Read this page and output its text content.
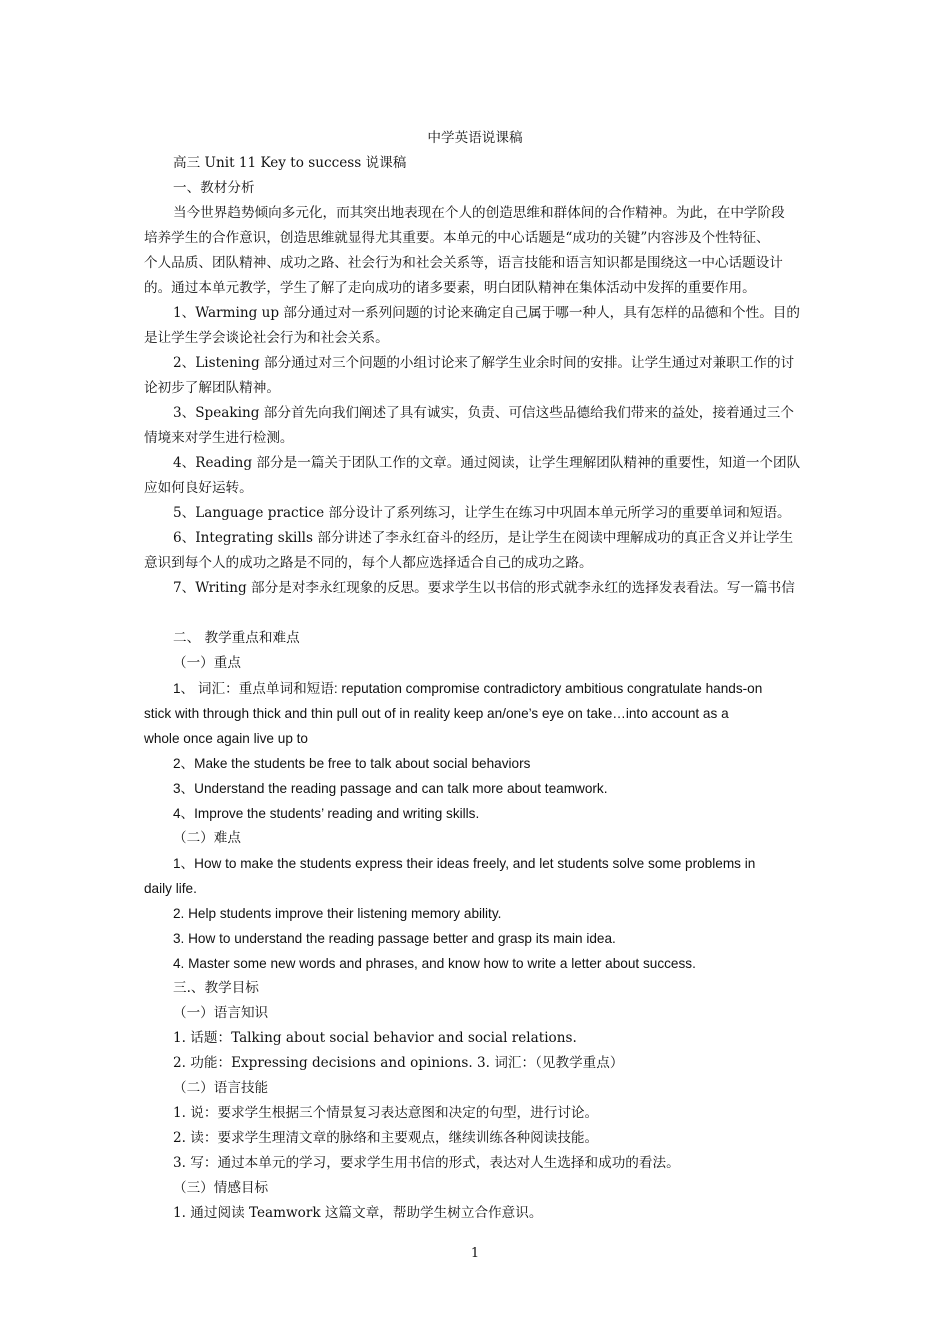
中学英语说课稿

高三 Unit 11 Key to success 说课稿

一、教材分析

当今世界趋势倾向多元化，而其突出地表现在个人的创造思维和群体间的合作精神。为此，在中学阶段

培养学生的合作意识，创造思维就显得尤其重要。本单元的中心话题是“成功的关键”内容涉及个性特征、

个人品质、团队精神、成功之路、社会行为和社会关系等，语言技能和语言知识都是围绕这一中心话题设计

的。通过本单元教学，学生了解了走向成功的诸多要素，明白团队精神在集体活动中发挥的重要作用。

1、Warming up 部分通过对一系列问题的讨论来确定自己属于哪一种人，具有怎样的品德和个性。目的

是让学生学会谈论社会行为和社会关系。

2、Listening 部分通过对三个问题的小组讨论来了解学生业余时间的安排。让学生通过对兼职工作的讨

论初步了解团队精神。

3、Speaking 部分首先向我们阐述了具有诚实，负责、可信这些品德给我们带来的益处，接着通过三个

情境来对学生进行检测。

4、Reading 部分是一篇关于团队工作的文章。通过阅读，让学生理解团队精神的重要性，知道一个团队

应如何良好运转。

5、Language practice 部分设计了系列练习，让学生在练习中巩固本单元所学习的重要单词和短语。

6、Integrating skills 部分讲述了李永红奋斗的经历，是让学生在阅读中理解成功的真正含义并让学生

意识到每个人的成功之路是不同的，每个人都应选择适合自己的成功之路。

7、Writing 部分是对李永红现象的反思。要求学生以书信的形式就李永红的选择发表看法。写一篇书信

二、 教学重点和难点

（一）重点

1、 词汇：重点单词和短语: reputation compromise contradictory ambitious congratulate hands-on

stick with through thick and thin pull out of in reality keep an/one’s eye on take…into account as a

whole once again live up to

2、Make the students be free to talk about social behaviors

3、Understand the reading passage and can talk more about teamwork.

4、Improve the students’ reading and writing skills.

（二）难点

1、How to make the students express their ideas freely, and let students solve some problems in

daily life.

2. Help students improve their listening memory ability.

3. How to understand the reading passage better and grasp its main idea.

4. Master some new words and phrases, and know how to write a letter about success.

三.、教学目标

（一）语言知识

1. 话题：Talking about social behavior and social relations.

2. 功能：Expressing decisions and opinions. 3. 词汇：（见教学重点）

（二）语言技能

1. 说：要求学生根据三个情景复习表达意图和决定的句型，进行讨论。

2. 读：要求学生理清文章的脉络和主要观点，继续训练各种阅读技能。

3. 写：通过本单元的学习，要求学生用书信的形式，表达对人生选择和成功的看法。

（三）情感目标

1. 通过阅读 Teamwork 这篇文章，帮助学生树立合作意识。

1
